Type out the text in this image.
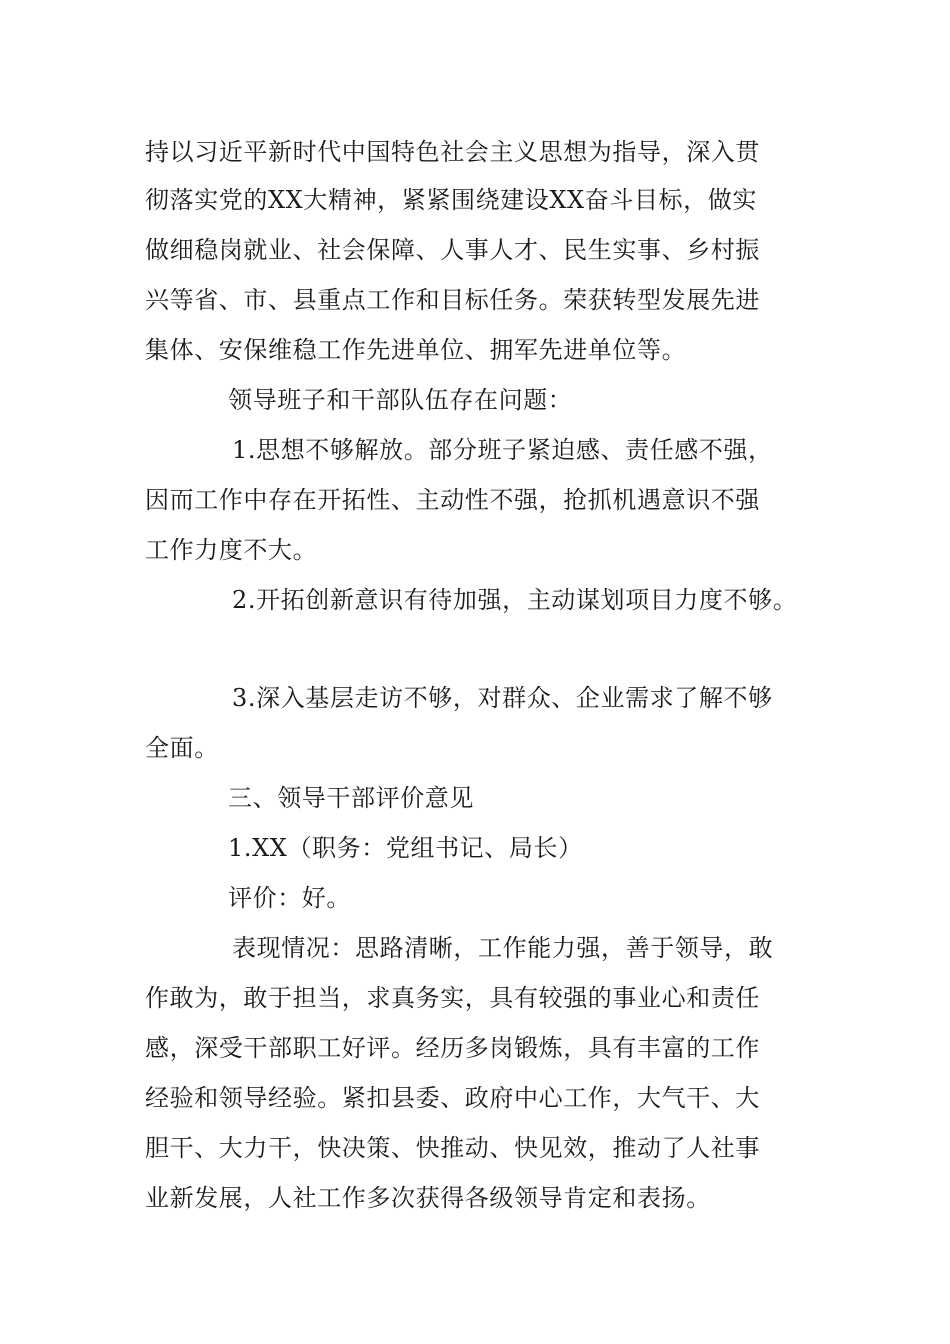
持以习近平新时代中国特色社会主义思想为指导，深入贯
彻落实党的XX大精神，紧紧围绕建设XX奋斗目标，做实
做细稳岗就业、社会保障、人事人才、民生实事、乡村振
兴等省、市、县重点工作和目标任务。荣获转型发展先进
集体、安保维稳工作先进单位、拥军先进单位等。
领导班子和干部队伍存在问题：
1.思想不够解放。部分班子紧迫感、责任感不强，
因而工作中存在开拓性、主动性不强，抢抓机遇意识不强
工作力度不大。
2.开拓创新意识有待加强，主动谋划项目力度不够。
3.深入基层走访不够，对群众、企业需求了解不够
全面。
三、领导干部评价意见
1.XX（职务：党组书记、局长）
评价：好。
表现情况：思路清晰，工作能力强，善于领导，敢
作敢为，敢于担当，求真务实，具有较强的事业心和责任
感，深受干部职工好评。经历多岗锻炼，具有丰富的工作
经验和领导经验。紧扣县委、政府中心工作，大气干、大
胆干、大力干，快决策、快推动、快见效，推动了人社事
业新发展，人社工作多次获得各级领导肯定和表扬。
